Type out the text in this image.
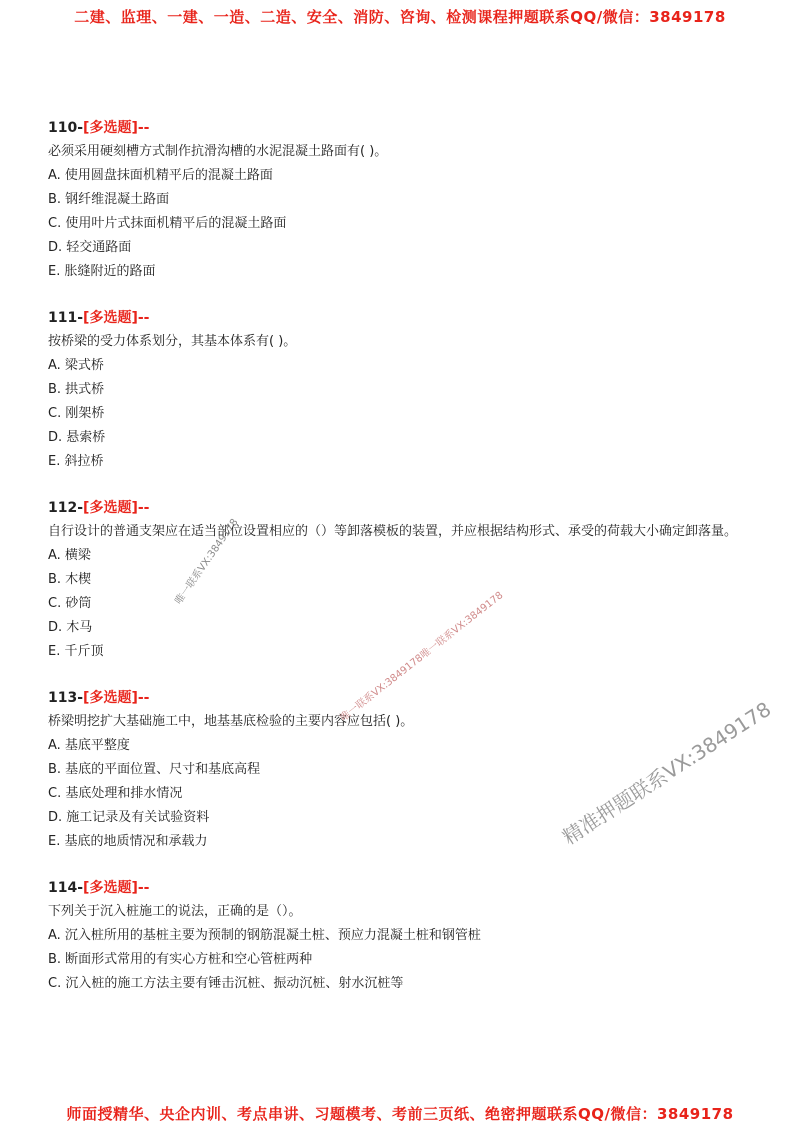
二建、监理、一建、一造、二造、安全、消防、咨询、检测课程押题联系QQ/微信：3849178
110-[多选题]--
必须采用硬刻槽方式制作抗滑沟槽的水泥混凝土路面有( )。
A. 使用圆盘抹面机精平后的混凝土路面
B. 钢纤维混凝土路面
C. 使用叶片式抹面机精平后的混凝土路面
D. 轻交通路面
E. 胀缝附近的路面
111-[多选题]--
按桥梁的受力体系划分，其基本体系有( )。
A. 梁式桥
B. 拱式桥
C. 刚架桥
D. 悬索桥
E. 斜拉桥
112-[多选题]--
自行设计的普通支架应在适当部位设置相应的（）等卸落模板的装置，并应根据结构形式、承受的荷载大小确定卸落量。
A. 横梁
B. 木楔
C. 砂筒
D. 木马
E. 千斤顶
113-[多选题]--
桥梁明挖扩大基础施工中，地基基底检验的主要内容应包括( )。
A. 基底平整度
B. 基底的平面位置、尺寸和基底高程
C. 基底处理和排水情况
D. 施工记录及有关试验资料
E. 基底的地质情况和承载力
114-[多选题]--
下列关于沉入桩施工的说法，正确的是（）。
A. 沉入桩所用的基桩主要为预制的钢筋混凝土桩、预应力混凝土桩和钢管桩
B. 断面形式常用的有实心方桩和空心管桩两种
C. 沉入桩的施工方法主要有锤击沉桩、振动沉桩、射水沉桩等
唯一联系VX:3849178
唯一联系VX:3849178唯一联系VX:3849178
精准押题联系VX:3849178
师面授精华、央企内训、考点串讲、习题模考、考前三页纸、绝密押题联系QQ/微信：3849178
